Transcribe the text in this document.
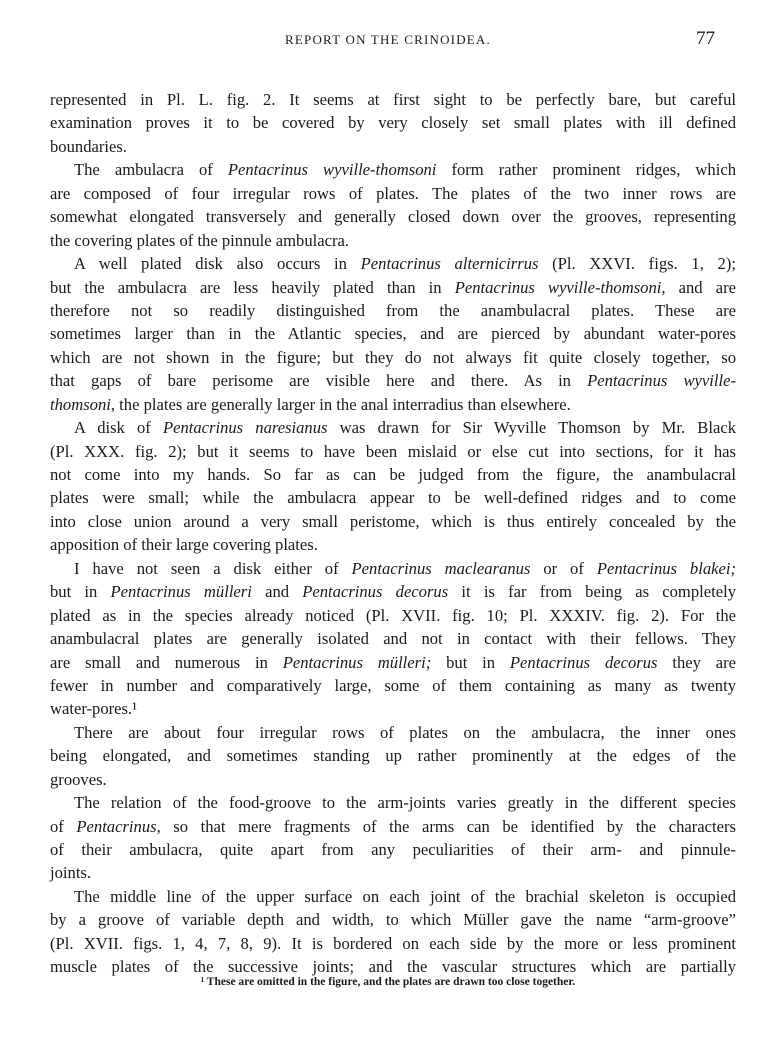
REPORT ON THE CRINOIDEA.	77
represented in Pl. L. fig. 2. It seems at first sight to be perfectly bare, but careful
examination proves it to be covered by very closely set small plates with ill defined
boundaries.
The ambulacra of Pentacrinus wyville-thomsoni form rather prominent ridges, which
are composed of four irregular rows of plates. The plates of the two inner rows are
somewhat elongated transversely and generally closed down over the grooves, representing
the covering plates of the pinnule ambulacra.
A well plated disk also occurs in Pentacrinus alternicirrus (Pl. XXVI. figs. 1, 2);
but the ambulacra are less heavily plated than in Pentacrinus wyville-thomsoni, and are
therefore not so readily distinguished from the anambulacral plates. These are
sometimes larger than in the Atlantic species, and are pierced by abundant water-pores
which are not shown in the figure; but they do not always fit quite closely together, so
that gaps of bare perisome are visible here and there. As in Pentacrinus wyville-
thomsoni, the plates are generally larger in the anal interradius than elsewhere.
A disk of Pentacrinus naresianus was drawn for Sir Wyville Thomson by Mr. Black
(Pl. XXX. fig. 2); but it seems to have been mislaid or else cut into sections, for it has
not come into my hands. So far as can be judged from the figure, the anambulacral
plates were small; while the ambulacra appear to be well-defined ridges and to come
into close union around a very small peristome, which is thus entirely concealed by the
apposition of their large covering plates.
I have not seen a disk either of Pentacrinus maclearanus or of Pentacrinus blakei;
but in Pentacrinus mülleri and Pentacrinus decorus it is far from being as completely
plated as in the species already noticed (Pl. XVII. fig. 10; Pl. XXXIV. fig. 2). For the
anambulacral plates are generally isolated and not in contact with their fellows. They
are small and numerous in Pentacrinus mülleri; but in Pentacrinus decorus they are
fewer in number and comparatively large, some of them containing as many as twenty
water-pores.¹
There are about four irregular rows of plates on the ambulacra, the inner ones
being elongated, and sometimes standing up rather prominently at the edges of the
grooves.
The relation of the food-groove to the arm-joints varies greatly in the different species
of Pentacrinus, so that mere fragments of the arms can be identified by the characters
of their ambulacra, quite apart from any peculiarities of their arm- and pinnule-
joints.
The middle line of the upper surface on each joint of the brachial skeleton is occupied
by a groove of variable depth and width, to which Müller gave the name “arm-groove”
(Pl. XVII. figs. 1, 4, 7, 8, 9). It is bordered on each side by the more or less prominent
muscle plates of the successive joints; and the vascular structures which are partially
¹ These are omitted in the figure, and the plates are drawn too close together.
